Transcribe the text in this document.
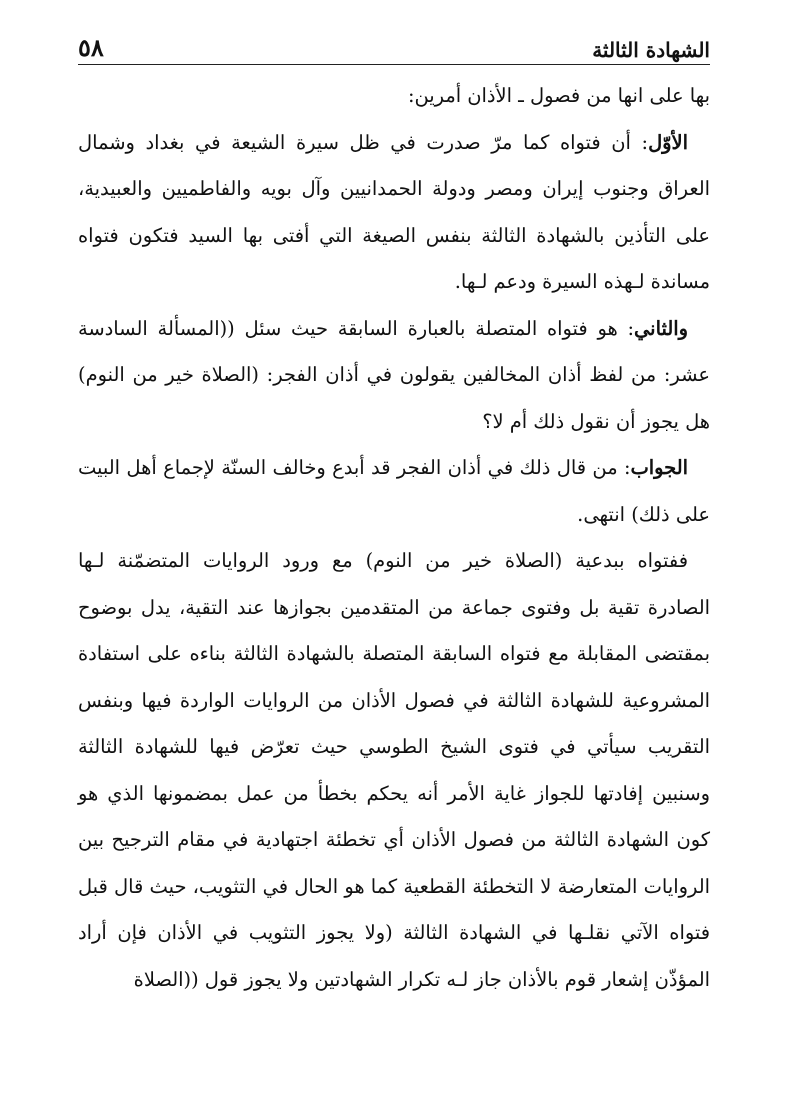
الشهادة الثالثة
٥٨

بها على انها من فصول ـ الأذان أمرين:

الأوّل: أن فتواه كما مرّ صدرت في ظل سيرة الشيعة في بغداد وشمال العراق وجنوب إيران ومصر ودولة الحمدانيين وآل بويه والفاطميين والعبيدية، على التأذين بالشهادة الثالثة بنفس الصيغة التي أفتى بها السيد فتكون فتواه مساندة لـهذه السيرة ودعم لـها.

والثاني: هو فتواه المتصلة بالعبارة السابقة حيث سئل ((المسألة السادسة عشر: من لفظ أذان المخالفين يقولون في أذان الفجر: (الصلاة خير من النوم) هل يجوز أن نقول ذلك أم لا؟

الجواب: من قال ذلك في أذان الفجر قد أبدع وخالف السنّة لإجماع أهل البيت على ذلك) انتهى.

ففتواه ببدعية (الصلاة خير من النوم) مع ورود الروايات المتضمّنة لـها الصادرة تقية بل وفتوى جماعة من المتقدمين بجوازها عند التقية، يدل بوضوح بمقتضى المقابلة مع فتواه السابقة المتصلة بالشهادة الثالثة بناءه على استفادة المشروعية للشهادة الثالثة في فصول الأذان من الروايات الواردة فيها وبنفس التقريب سيأتي في فتوى الشيخ الطوسي حيث تعرّض فيها للشهادة الثالثة وسنبين إفادتها للجواز غاية الأمر أنه يحكم بخطأ من عمل بمضمونها الذي هو كون الشهادة الثالثة من فصول الأذان أي تخطئة اجتهادية في مقام الترجيح بين الروايات المتعارضة لا التخطئة القطعية كما هو الحال في التثويب، حيث قال قبل فتواه الآتي نقلـها في الشهادة الثالثة (ولا يجوز التثويب في الأذان فإن أراد المؤذّن إشعار قوم بالأذان جاز لـه تكرار الشهادتين ولا يجوز قول ((الصلاة
